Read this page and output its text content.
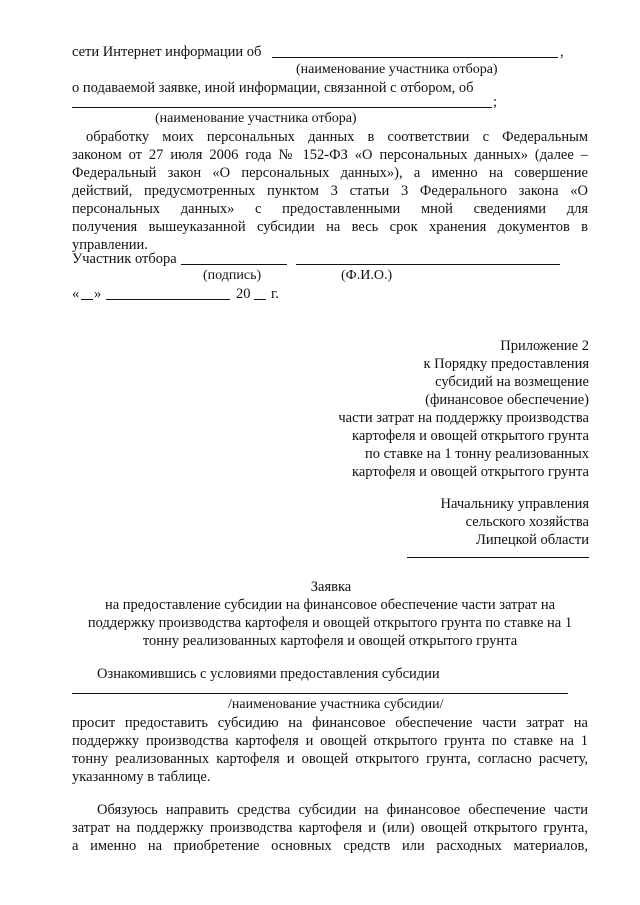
сети Интернет информации об	,
(наименование участника отбора)
о подаваемой заявке, иной информации, связанной с отбором, об
;
(наименование участника отбора)
обработку моих персональных данных в соответствии с Федеральным
законом от 27 июля 2006 года № 152-ФЗ «О персональных данных» (далее –
Федеральный закон «О персональных данных»), а именно на совершение
действий, предусмотренных пунктом 3 статьи 3 Федерального закона «О
персональных данных» с предоставленными мной сведениями для
получения вышеуказанной субсидии на весь срок хранения документов в
управлении.
Участник отбора
(подпись)	(Ф.И.О.)
« »	20 г.
Приложение 2
к Порядку предоставления
субсидий на возмещение
(финансовое обеспечение)
части затрат на поддержку производства
картофеля и овощей открытого грунта
по ставке на 1 тонну реализованных
картофеля и овощей открытого грунта
Начальнику управления
сельского хозяйства
Липецкой области
Заявка
на предоставление субсидии на финансовое обеспечение части затрат на
поддержку производства картофеля и овощей открытого грунта по ставке на 1
тонну реализованных картофеля и овощей открытого грунта
Ознакомившись с условиями предоставления субсидии
/наименование участника субсидии/
просит предоставить субсидию на финансовое обеспечение части затрат на
поддержку производства картофеля и овощей открытого грунта по ставке на 1
тонну реализованных картофеля и овощей открытого грунта, согласно расчету,
указанному в таблице.
Обязуюсь направить средства субсидии на финансовое обеспечение части
затрат на поддержку производства картофеля и (или) овощей открытого грунта,
а именно на приобретение основных средств или расходных материалов,
